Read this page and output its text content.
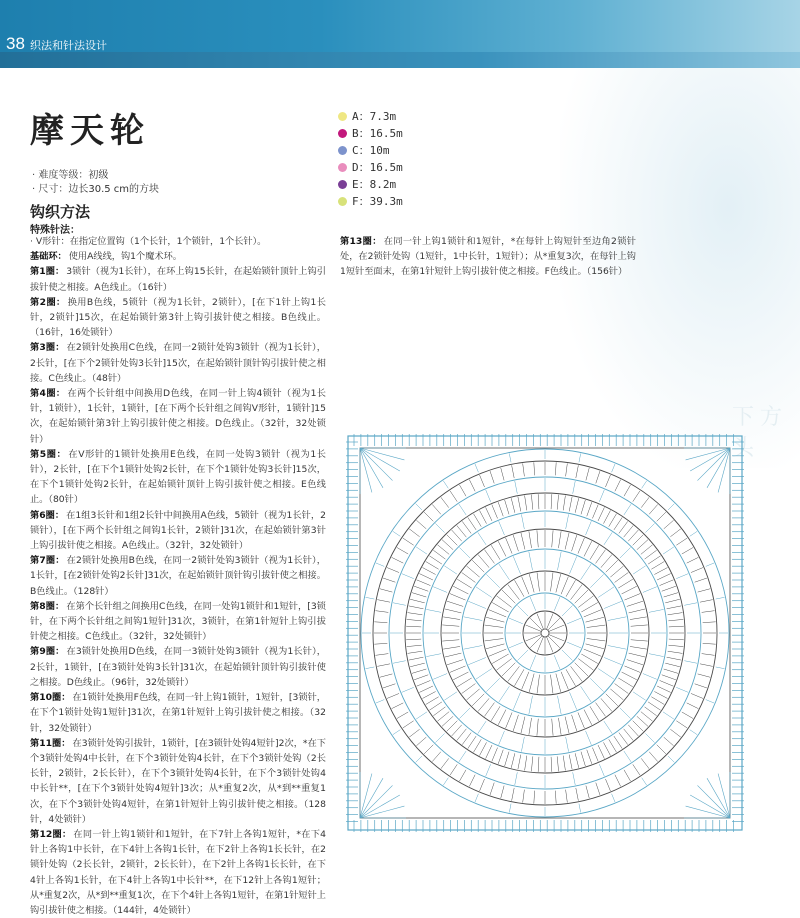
38 织法和针法设计
下方头
摩天轮
· 难度等级：初级
· 尺寸：边长30.5 cm的方块
A：7.3m
B：16.5m
C：10m
D：16.5m
E：8.2m
F：39.3m
钩织方法
特殊针法：

· V形针：在指定位置钩（1个长针，1个锁针，1个长针）。

基础环： 使用A线线，钩1个魔术环。

第1圈： 3锁针（视为1长针），在环上钩15长针，在起始锁针顶针上钩引拔针使之相接。A色线止。（16针）

第2圈： 换用B色线，5锁针（视为1长针，2锁针），[在下1针上钩1长针，2锁针]15次，在起始锁针第3针上钩引拔针使之相接。B色线止。（16针，16处锁针）

第3圈： 在2锁针处换用C色线，在同一2锁针处钩3锁针（视为1长针），2长针，[在下个2锁针处钩3长针]15次，在起始锁针顶针钩引拔针使之相接。C色线止。（48针）

第4圈： 在两个长针组中间换用D色线，在同一针上钩4锁针（视为1长针，1锁针），1长针，1锁针，[在下两个长针组之间钩V形针，1锁针]15次，在起始锁针第3针上钩引拔针使之相接。D色线止。（32针，32处锁针）

第5圈： 在V形针的1锁针处换用E色线，在同一处钩3锁针（视为1长针），2长针，[在下个1锁针处钩2长针，在下个1锁针处钩3长针]15次，在下个1锁针处钩2长针，在起始锁针顶针上钩引拔针使之相接。E色线止。（80针）

第6圈： 在1组3长针和1组2长针中间换用A色线，5锁针（视为1长针，2锁针），[在下两个长针组之间钩1长针，2锁针]31次，在起始锁针第3针上钩引拔针使之相接。A色线止。（32针，32处锁针）

第7圈： 在2锁针处换用B色线，在同一2锁针处钩3锁针（视为1长针），1长针，[在2锁针处钩2长针]31次，在起始锁针顶针钩引拔针使之相接。B色线止。（128针）

第8圈： 在第个长针组之间换用C色线，在同一处钩1锁针和1短针，[3锁针，在下两个长针组之间钩1短针]31次，3锁针，在第1针短针上钩引拔针使之相接。C色线止。（32针，32处锁针）

第9圈： 在3锁针处换用D色线，在同一3锁针处钩3锁针（视为1长针），2长针，1锁针，[在3锁针处钩3长针]31次，在起始锁针顶针钩引拔针使之相接。D色线止。（96针，32处锁针）

第10圈： 在1锁针处换用F色线，在同一针上钩1锁针，1短针，[3锁针，在下个1锁针处钩1短针]31次，在第1针短针上钩引拔针使之相接。（32针，32处锁针）

第11圈： 在3锁针处钩引拔针，1锁针，[在3锁针处钩4短针]2次，*在下个3锁针处钩4中长针，在下个3锁针处钩4长针，在下个3锁针处钩（2长长针，2锁针，2长长针），在下个3锁针处钩4长针，在下个3锁针处钩4中长针**，[在下个3锁针处钩4短针]3次；从*重复2次，从*到**重复1次，在下个3锁针处钩4短针，在第1针短针上钩引拔针使之相接。（128针，4处锁针）

第12圈： 在同一针上钩1锁针和1短针，在下7针上各钩1短针，*在下4针上各钩1中长针，在下4针上各钩1长针，在下2针上各钩1长长针，在2锁针处钩（2长长针，2锁针，2长长针），在下2针上各钩1长长针，在下4针上各钩1长针，在下4针上各钩1中长针**，在下12针上各钩1短针；从*重复2次，从*到**重复1次，在下个4针上各钩1短针，在第1针短针上钩引拔针使之相接。（144针，4处锁针）

第13圈： 在同一针上钩1锁针和1短针，*在每针上钩短针至边角2锁针处，在2锁针处钩（1短针，1中长针，1短针）；从*重复3次，在每针上钩1短针至面末，在第1针短针上钩引拔针使之相接。F色线止。（156针）
